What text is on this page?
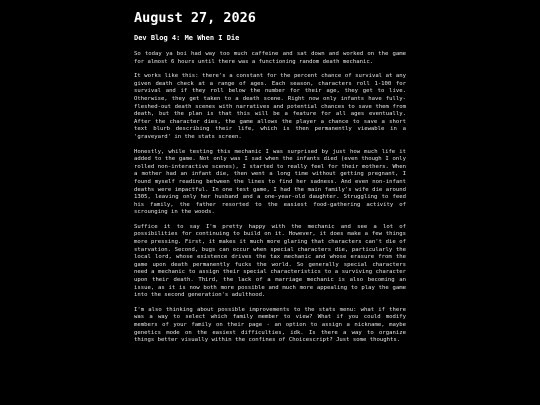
August 27, 2026
Dev Blog 4: Me When I Die

So today ya boi had way too much caffeine and sat down and worked on the game for almost 6 hours until there was a functioning random death mechanic.

It works like this: there's a constant for the percent chance of survival at any given death check at a range of ages. Each season, characters roll 1-100 for survival and if they roll below the number for their age, they get to live. Otherwise, they get taken to a death scene. Right now only infants have fully-fleshed-out death scenes with narratives and potential chances to save them from death, but the plan is that this will be a feature for all ages eventually. After the character dies, the game allows the player a chance to save a short text blurb describing their life, which is then permanently viewable in a 'graveyard' in the stats screen.

Honestly, while testing this mechanic I was surprised by just how much life it added to the game. Not only was I sad when the infants died (even though I only rolled non-interactive scenes), I started to really feel for their mothers. When a mother had an infant die, then went a long time without getting pregnant, I found myself reading between the lines to find her sadness. And even non-infant deaths were impactful. In one test game, I had the main family's wife die around 1305, leaving only her husband and a one-year-old daughter. Struggling to feed his family, the father resorted to the easiest food-gathering activity of scrounging in the woods.

Suffice it to say I'm pretty happy with the mechanic and see a lot of possibilities for continuing to build on it. However, it does make a few things more pressing. First, it makes it much more glaring that characters can't die of starvation. Second, bugs can occur when special characters die, particularly the local lord, whose existence drives the tax mechanic and whose erasure from the game upon death permanently fucks the world. So generally special characters need a mechanic to assign their special characteristics to a surviving character upon their death. Third, the lack of a marriage mechanic is also becoming an issue, as it is now both more possible and much more appealing to play the game into the second generation's adulthood.

I'm also thinking about possible improvements to the stats menu: what if there was a way to select which family member to view? What if you could modify members of your family on their page - an option to assign a nickname, maybe genetics mode on the easiest difficulties, idk. Is there a way to organize things better visually within the confines of Choicescript? Just some thoughts.
